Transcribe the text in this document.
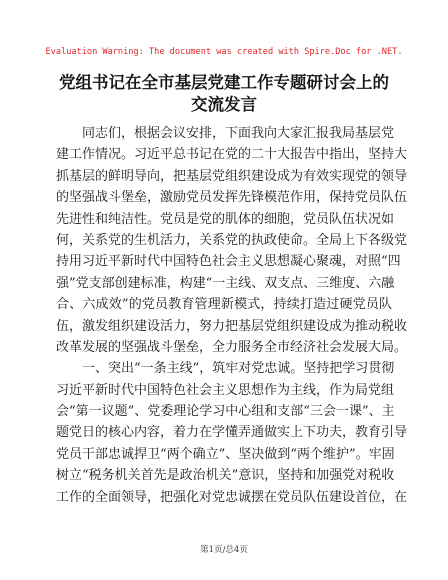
Evaluation Warning: The document was created with Spire.Doc for .NET.
党组书记在全市基层党建工作专题研讨会上的
交流发言
同志们，根据会议安排，下面我向大家汇报我局基层党
建工作情况。习近平总书记在党的二十大报告中指出，坚持大
抓基层的鲜明导向，把基层党组织建设成为有效实现党的领导
的坚强战斗堡垒，激励党员发挥先锋模范作用，保持党员队伍
先进性和纯洁性。党员是党的肌体的细胞，党员队伍状况如
何，关系党的生机活力，关系党的执政使命。全局上下各级党
持用习近平新时代中国特色社会主义思想凝心聚魂，对照“四
强”党支部创建标准，构建“一主线、双支点、三维度、六融
合、六成效”的党员教育管理新模式，持续打造过硬党员队
伍，激发组织建设活力，努力把基层党组织建设成为推动税收
改革发展的坚强战斗堡垒，全力服务全市经济社会发展大局。
一、突出“一条主线”，筑牢对党忠诚。坚持把学习贯彻
习近平新时代中国特色社会主义思想作为主线，作为局党组
会“第一议题”、党委理论学习中心组和支部“三会一课”、主
题党日的核心内容，着力在学懂弄通做实上下功夫，教育引导
党员干部忠诚捍卫“两个确立”、坚决做到“两个维护”。牢固
树立“税务机关首先是政治机关”意识，坚持和加强党对税收
工作的全面领导，把强化对党忠诚摆在党员队伍建设首位，在
第1页/总4页
